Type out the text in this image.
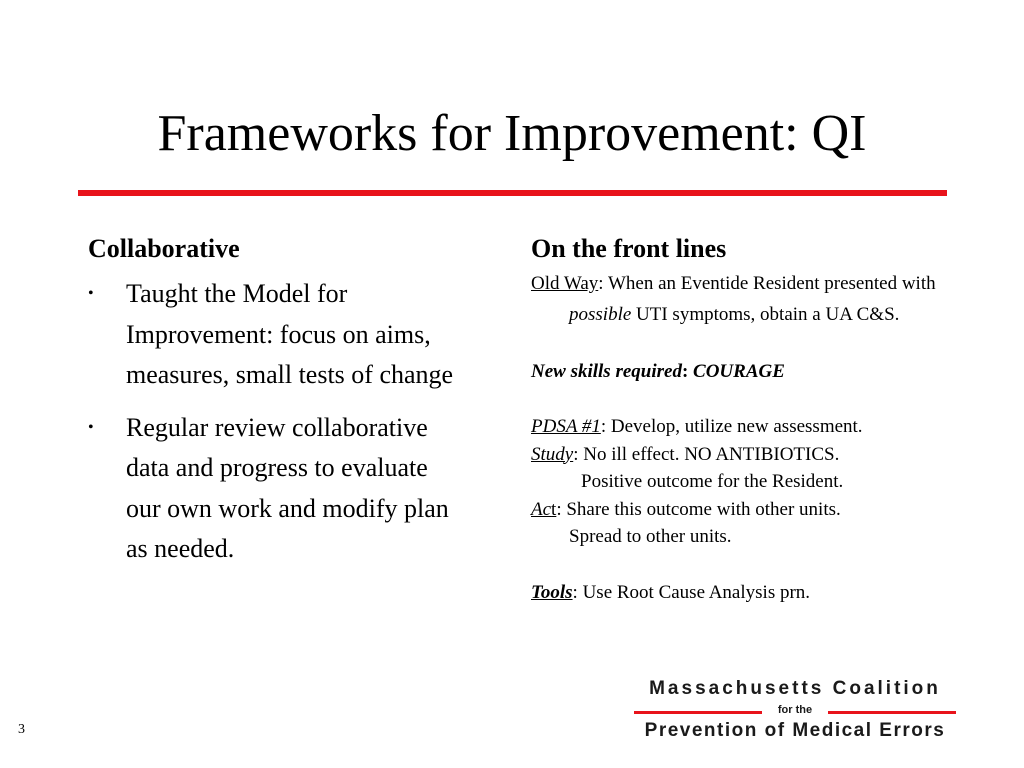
Frameworks for Improvement: QI
Collaborative
• Taught the Model for Improvement: focus on aims, measures, small tests of change
• Regular review collaborative data and progress to evaluate our own work and modify plan as needed.
On the front lines
Old Way: When an Eventide Resident presented with possible UTI symptoms, obtain a UA C&S.
New skills required: COURAGE
PDSA #1: Develop, utilize new assessment.
Study: No ill effect. NO ANTIBIOTICS.
Positive outcome for the Resident.
Act: Share this outcome with other units.
Spread to other units.
Tools: Use Root Cause Analysis prn.
3
Massachusetts Coalition
for the
Prevention of Medical Errors
